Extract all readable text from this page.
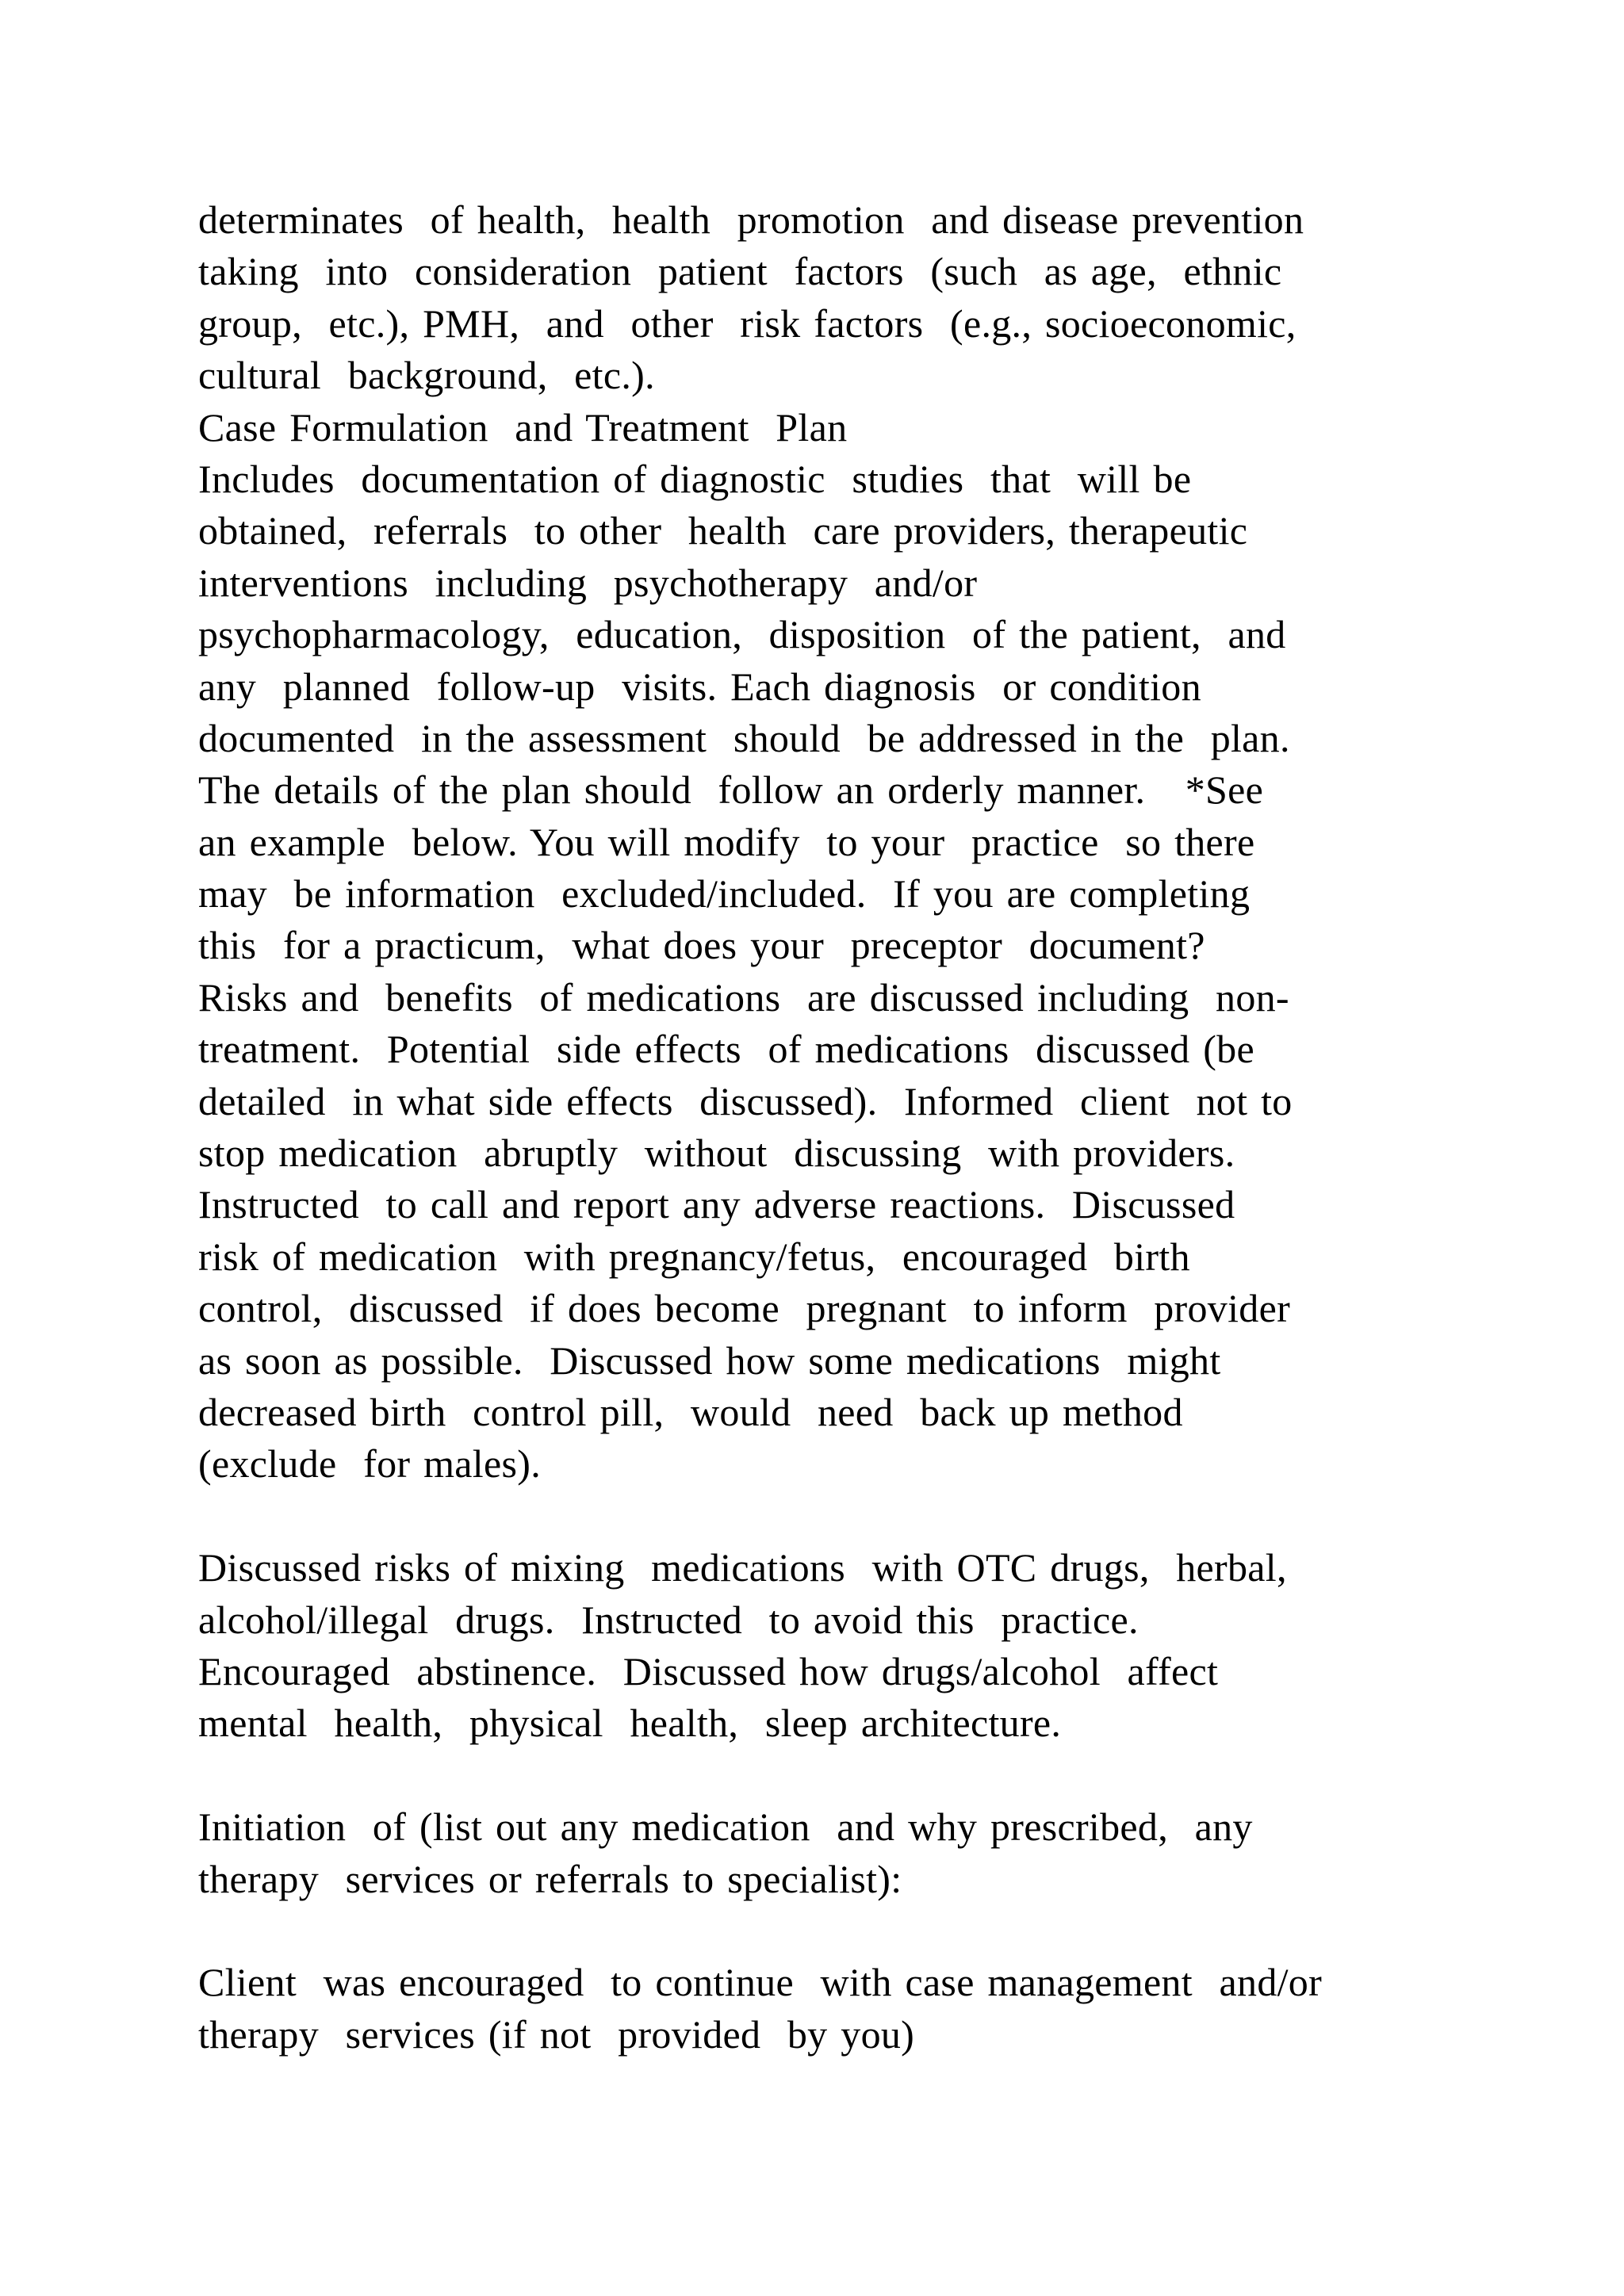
determinates  of health,  health  promotion  and disease prevention
taking  into  consideration  patient  factors  (such  as age,  ethnic
group,  etc.), PMH,  and  other  risk factors  (e.g., socioeconomic,
cultural  background,  etc.).
Case Formulation  and Treatment  Plan
Includes  documentation of diagnostic  studies  that  will be
obtained,  referrals  to other  health  care providers, therapeutic
interventions  including  psychotherapy  and/or
psychopharmacology,  education,  disposition  of the patient,  and
any  planned  follow-up  visits. Each diagnosis  or condition
documented  in the assessment  should  be addressed in the  plan.
The details of the plan should  follow an orderly manner.   *See
an example  below. You will modify  to your  practice  so there
may  be information  excluded/included.  If you are completing
this  for a practicum,  what does your  preceptor  document?
Risks and  benefits  of medications  are discussed including  non-
treatment.  Potential  side effects  of medications  discussed (be
detailed  in what side effects  discussed).  Informed  client  not to
stop medication  abruptly  without  discussing  with providers.
Instructed  to call and report any adverse reactions.  Discussed
risk of medication  with pregnancy/fetus,  encouraged  birth
control,  discussed  if does become  pregnant  to inform  provider
as soon as possible.  Discussed how some medications  might
decreased birth  control pill,  would  need  back up method
(exclude  for males).
Discussed risks of mixing  medications  with OTC drugs,  herbal,
alcohol/illegal  drugs.  Instructed  to avoid this  practice.
Encouraged  abstinence.  Discussed how drugs/alcohol  affect
mental  health,  physical  health,  sleep architecture.
Initiation  of (list out any medication  and why prescribed,  any
therapy  services or referrals to specialist):
Client  was encouraged  to continue  with case management  and/or
therapy  services (if not  provided  by you)
